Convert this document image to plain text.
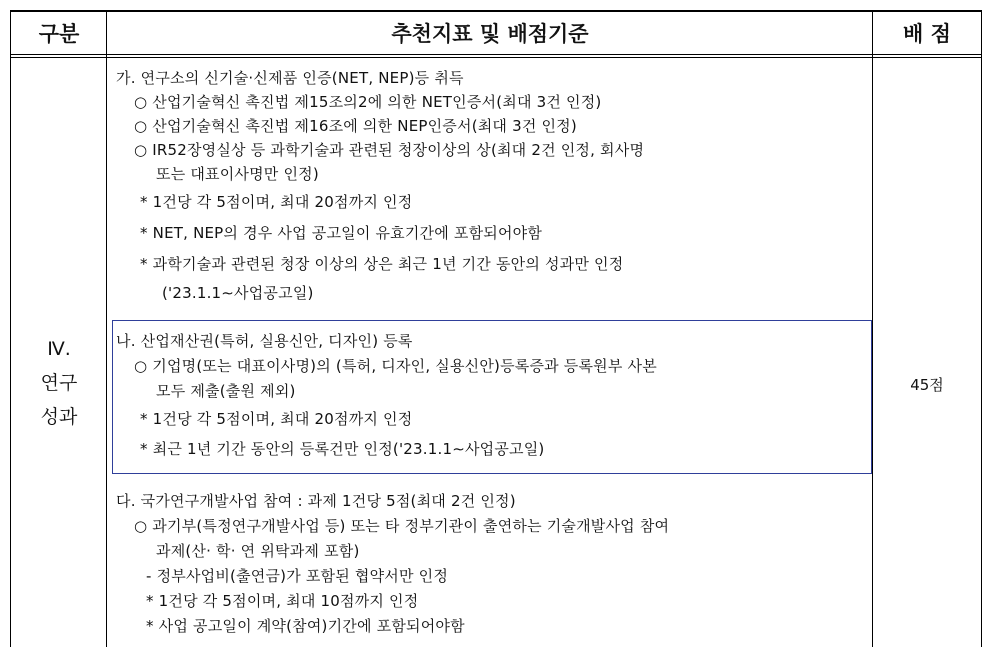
구분	추천지표 및 배점기준	배 점
Ⅳ.
연구
성과
45점
가. 연구소의 신기술·신제품 인증(NET, NEP)등 취득
○ 산업기술혁신 촉진법 제15조의2에 의한 NET인증서(최대 3건 인정)
○ 산업기술혁신 촉진법 제16조에 의한 NEP인증서(최대 3건 인정)
○ IR52장영실상 등 과학기술과 관련된 청장이상의 상(최대 2건 인정, 회사명
또는 대표이사명만 인정)
* 1건당 각 5점이며, 최대 20점까지 인정
* NET, NEP의 경우 사업 공고일이 유효기간에 포함되어야함
* 과학기술과 관련된 청장 이상의 상은 최근 1년 기간 동안의 성과만 인정
('23.1.1∼사업공고일)
나. 산업재산권(특허, 실용신안, 디자인) 등록
○ 기업명(또는 대표이사명)의 (특허, 디자인, 실용신안)등록증과 등록원부 사본
모두 제출(출원 제외)
* 1건당 각 5점이며, 최대 20점까지 인정
* 최근 1년 기간 동안의 등록건만 인정('23.1.1∼사업공고일)
다. 국가연구개발사업 참여 : 과제 1건당 5점(최대 2건 인정)
○ 과기부(특정연구개발사업 등) 또는 타 정부기관이 출연하는 기술개발사업 참여
과제(산· 학· 연 위탁과제 포함)
- 정부사업비(출연금)가 포함된 협약서만 인정
* 1건당 각 5점이며, 최대 10점까지 인정
* 사업 공고일이 계약(참여)기간에 포함되어야함
